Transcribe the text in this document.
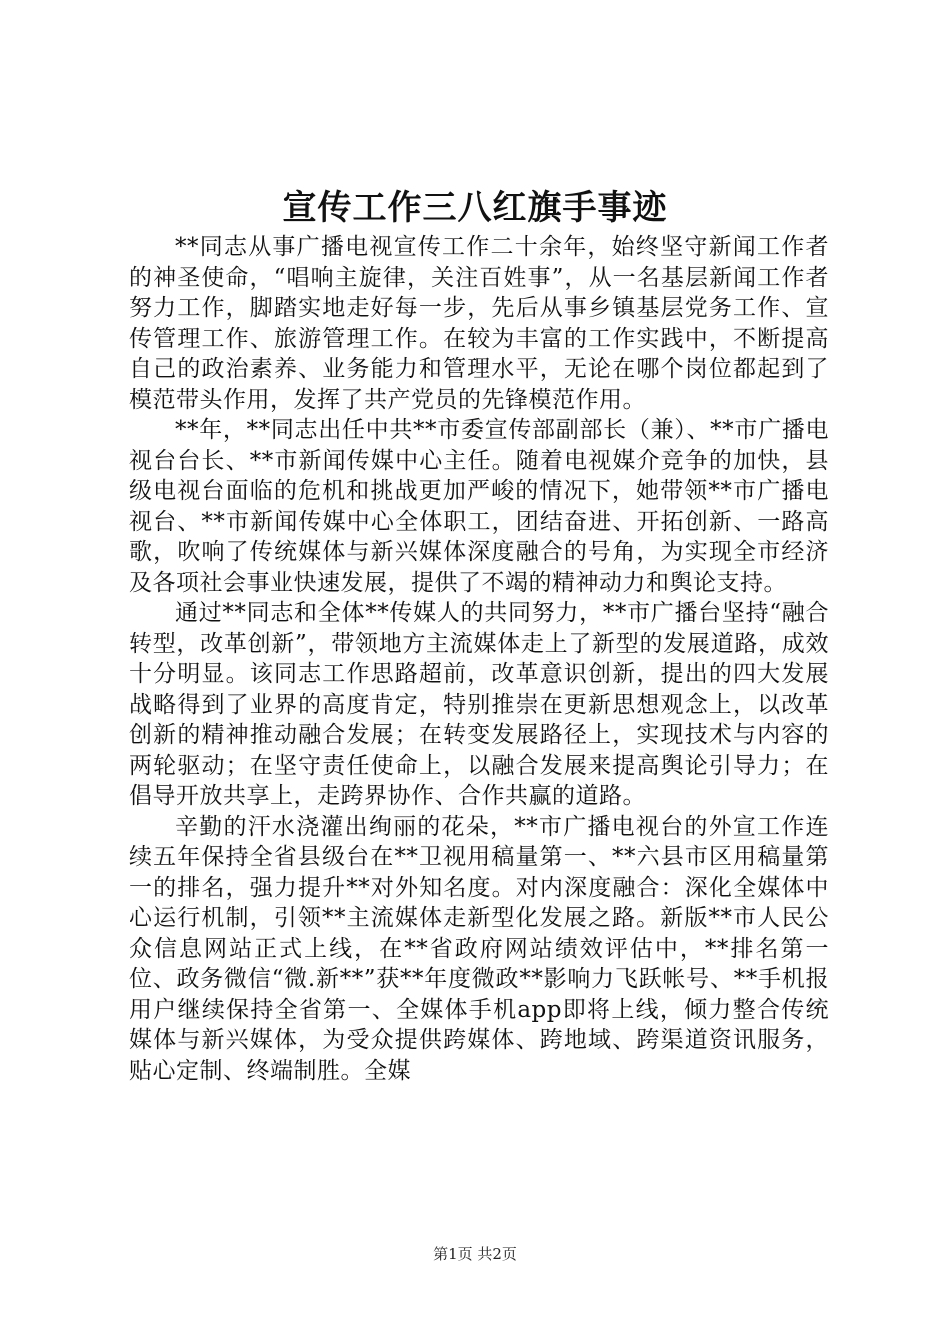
宣传工作三八红旗手事迹

**同志从事广播电视宣传工作二十余年，始终坚守新闻工作者的神圣使命，“唱响主旋律，关注百姓事”，从一名基层新闻工作者努力工作，脚踏实地走好每一步，先后从事乡镇基层党务工作、宣传管理工作、旅游管理工作。在较为丰富的工作实践中，不断提高自己的政治素养、业务能力和管理水平，无论在哪个岗位都起到了模范带头作用，发挥了共产党员的先锋模范作用。

**年，**同志出任中共**市委宣传部副部长（兼）、**市广播电视台台长、**市新闻传媒中心主任。随着电视媒介竞争的加快，县级电视台面临的危机和挑战更加严峻的情况下，她带领**市广播电视台、**市新闻传媒中心全体职工，团结奋进、开拓创新、一路高歌，吹响了传统媒体与新兴媒体深度融合的号角，为实现全市经济及各项社会事业快速发展，提供了不竭的精神动力和舆论支持。

通过**同志和全体**传媒人的共同努力，**市广播台坚持“融合转型，改革创新”，带领地方主流媒体走上了新型的发展道路，成效十分明显。该同志工作思路超前，改革意识创新，提出的四大发展战略得到了业界的高度肯定，特别推崇在更新思想观念上，以改革创新的精神推动融合发展；在转变发展路径上，实现技术与内容的两轮驱动；在坚守责任使命上，以融合发展来提高舆论引导力；在倡导开放共享上，走跨界协作、合作共赢的道路。

辛勤的汗水浇灌出绚丽的花朵，**市广播电视台的外宣工作连续五年保持全省县级台在**卫视用稿量第一、**六县市区用稿量第一的排名，强力提升**对外知名度。对内深度融合：深化全媒体中心运行机制，引领**主流媒体走新型化发展之路。新版**市人民公众信息网站正式上线，在**省政府网站绩效评估中，**排名第一位、政务微信“微.新**”获**年度微政**影响力飞跃帐号、**手机报用户继续保持全省第一、全媒体手机app即将上线，倾力整合传统媒体与新兴媒体，为受众提供跨媒体、跨地域、跨渠道资讯服务，贴心定制、终端制胜。全媒

第1页 共2页
